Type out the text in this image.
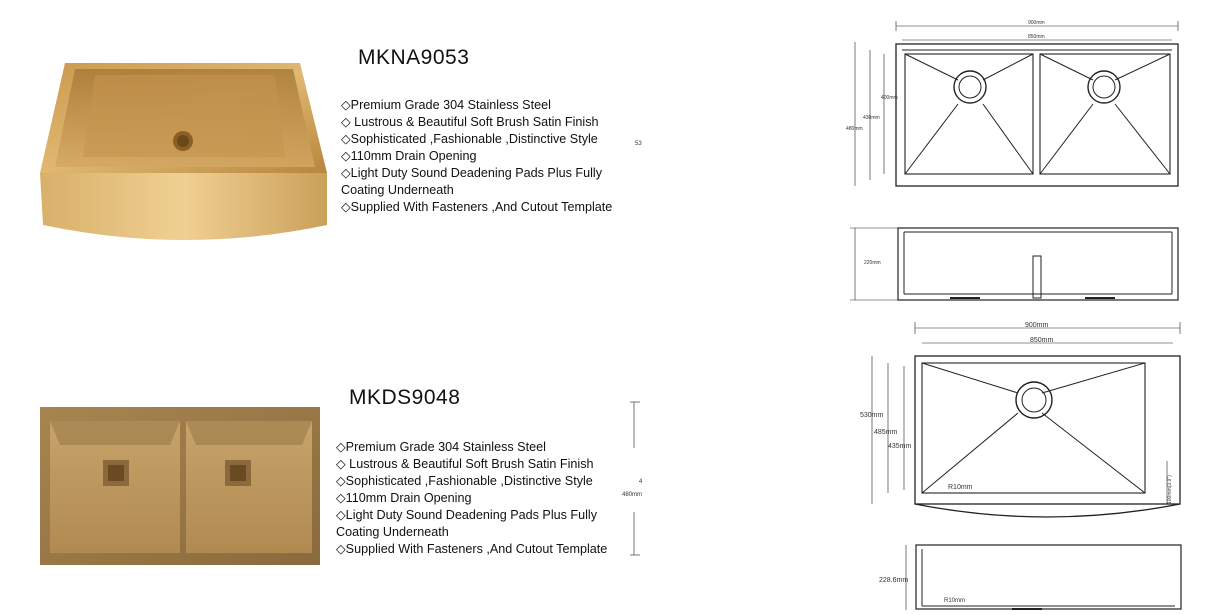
MKNA9053
◇Premium Grade 304 Stainless Steel
◇ Lustrous & Beautiful Soft Brush Satin Finish
◇Sophisticated ,Fashionable ,Distinctive Style
◇110mm Drain Opening
◇Light Duty Sound Deadening Pads Plus Fully
Coating Underneath
◇Supplied With Fasteners ,And Cutout Template
53
MKDS9048
◇Premium Grade 304 Stainless Steel
◇ Lustrous & Beautiful Soft Brush Satin Finish
◇Sophisticated ,Fashionable ,Distinctive Style
◇110mm Drain Opening
◇Light Duty Sound Deadening Pads Plus Fully
Coating Underneath
◇Supplied With Fasteners ,And Cutout Template
4
480mm
900mm
850mm
400mm
430mm
480mm
220mm
900mm
850mm
530mm
485mm
435mm
R10mm	100mm(3.9")
228.6mm
R10mm
